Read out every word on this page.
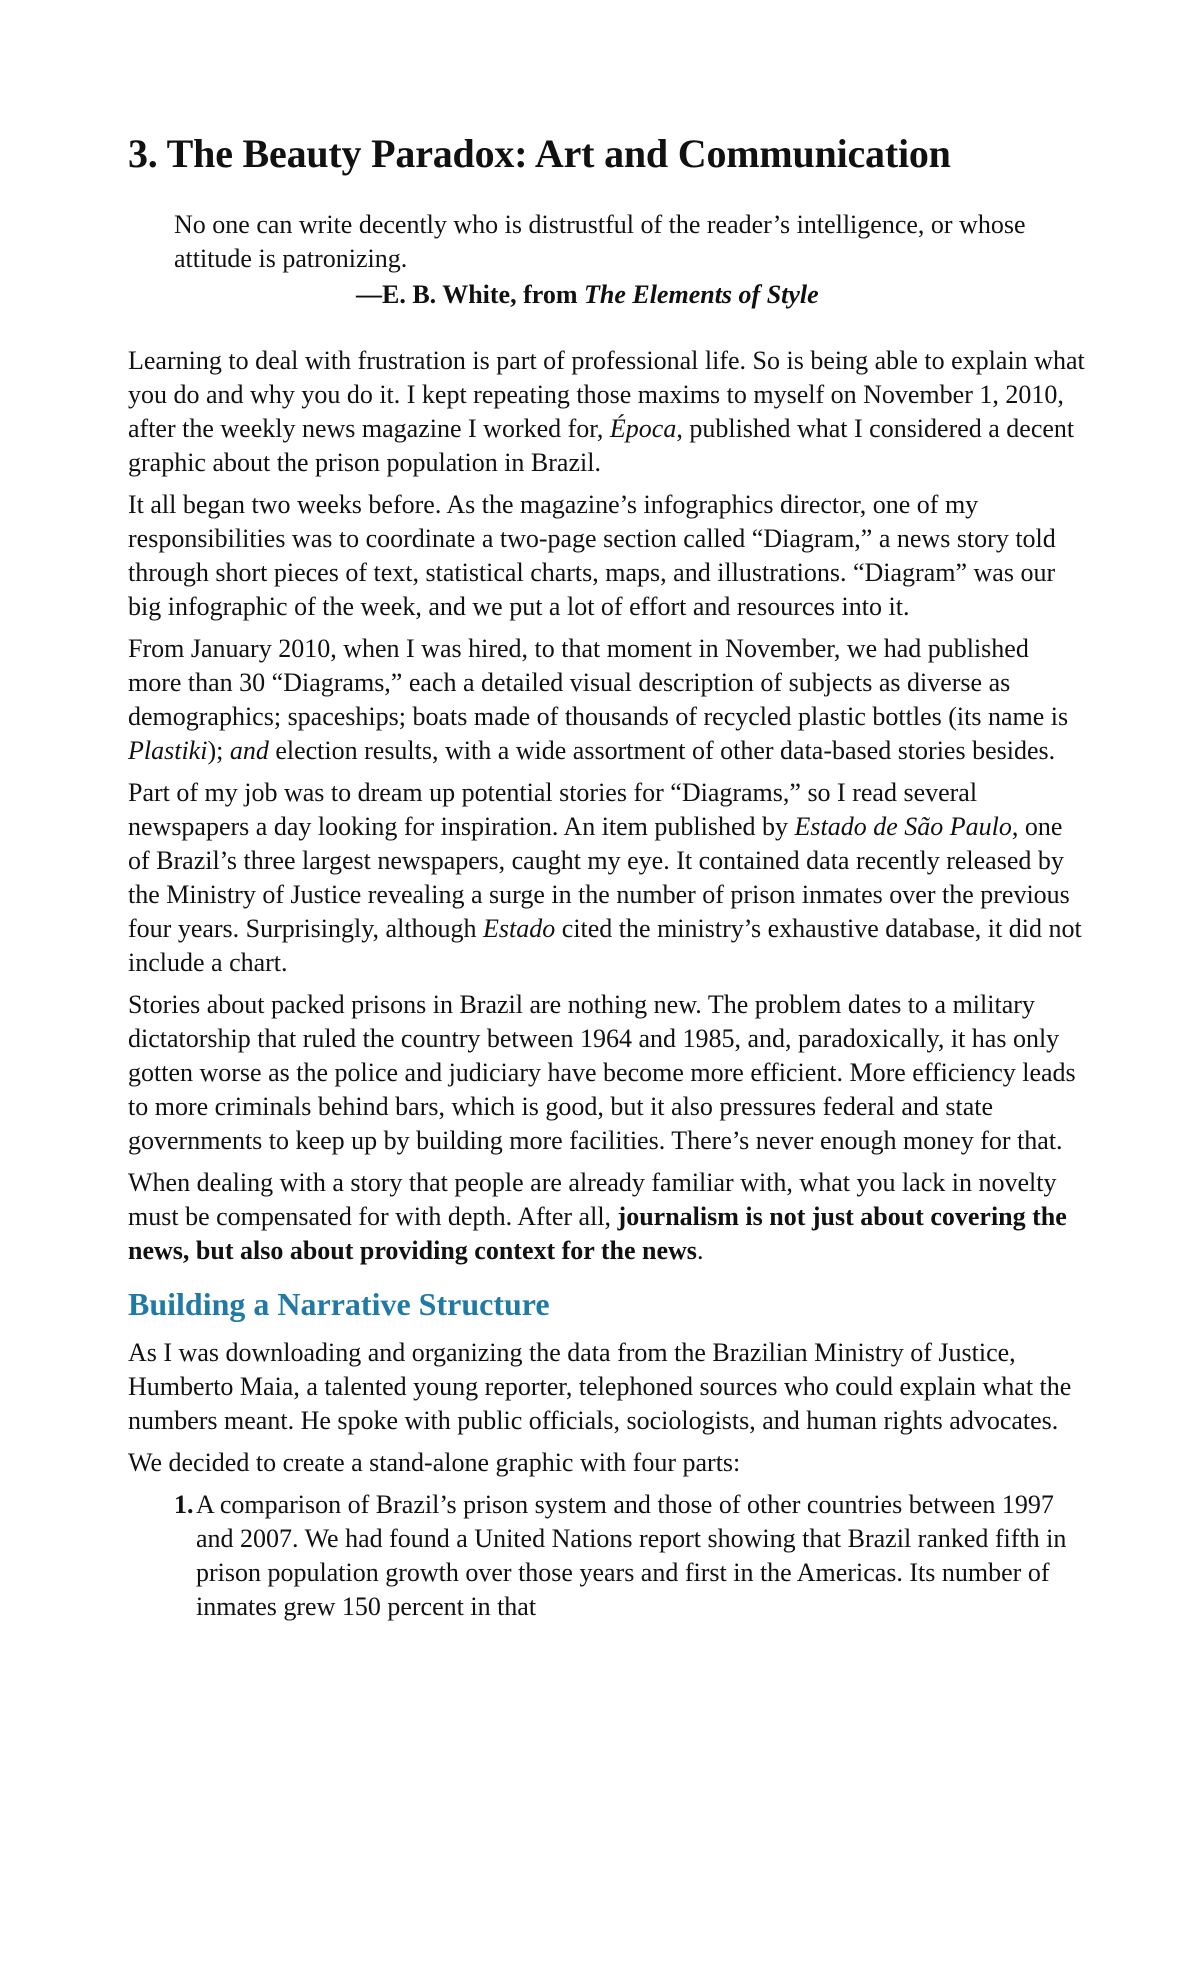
3. The Beauty Paradox: Art and Communication

No one can write decently who is distrustful of the reader’s intelligence, or whose attitude is patronizing.

—E. B. White, from The Elements of Style

Learning to deal with frustration is part of professional life. So is being able to explain what you do and why you do it. I kept repeating those maxims to myself on November 1, 2010, after the weekly news magazine I worked for, Época, published what I considered a decent graphic about the prison population in Brazil.

It all began two weeks before. As the magazine’s infographics director, one of my responsibilities was to coordinate a two-page section called “Diagram,” a news story told through short pieces of text, statistical charts, maps, and illustrations. “Diagram” was our big infographic of the week, and we put a lot of effort and resources into it.

From January 2010, when I was hired, to that moment in November, we had published more than 30 “Diagrams,” each a detailed visual description of subjects as diverse as demographics; spaceships; boats made of thousands of recycled plastic bottles (its name is Plastiki); and election results, with a wide assortment of other data-based stories besides.

Part of my job was to dream up potential stories for “Diagrams,” so I read several newspapers a day looking for inspiration. An item published by Estado de São Paulo, one of Brazil’s three largest newspapers, caught my eye. It contained data recently released by the Ministry of Justice revealing a surge in the number of prison inmates over the previous four years. Surprisingly, although Estado cited the ministry’s exhaustive database, it did not include a chart.

Stories about packed prisons in Brazil are nothing new. The problem dates to a military dictatorship that ruled the country between 1964 and 1985, and, paradoxically, it has only gotten worse as the police and judiciary have become more efficient. More efficiency leads to more criminals behind bars, which is good, but it also pressures federal and state governments to keep up by building more facilities. There’s never enough money for that.

When dealing with a story that people are already familiar with, what you lack in novelty must be compensated for with depth. After all, journalism is not just about covering the news, but also about providing context for the news.

Building a Narrative Structure

As I was downloading and organizing the data from the Brazilian Ministry of Justice, Humberto Maia, a talented young reporter, telephoned sources who could explain what the numbers meant. He spoke with public officials, sociologists, and human rights advocates.

We decided to create a stand-alone graphic with four parts:

1. A comparison of Brazil’s prison system and those of other countries between 1997 and 2007. We had found a United Nations report showing that Brazil ranked fifth in prison population growth over those years and first in the Americas. Its number of inmates grew 150 percent in that
